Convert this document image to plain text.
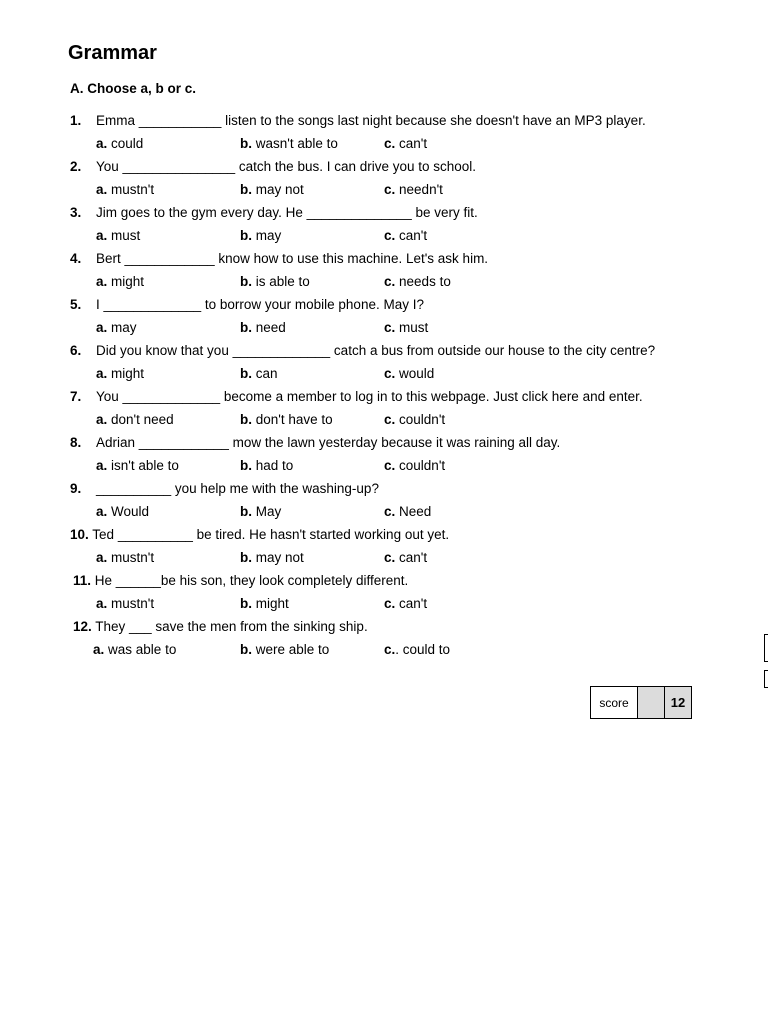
Grammar
A. Choose a, b or c.
1. Emma ___________ listen to the songs last night because she doesn't have an MP3 player.
a. could	b. wasn't able to	c. can't
2. You _______________ catch the bus. I can drive you to school.
a. mustn't	b. may not	c. needn't
3. Jim goes to the gym every day. He ______________ be very fit.
a. must	b. may	c. can't
4. Bert ____________ know how to use this machine. Let's ask him.
a. might	b. is able to	c. needs to
5. I _____________ to borrow your mobile phone. May I?
a. may	b. need	c. must
6. Did you know that you _____________ catch a bus from outside our house to the city centre?
a. might	b. can	c. would
7. You _____________ become a member to log in to this webpage. Just click here and enter.
a. don't need	b. don't have to	c. couldn't
8. Adrian ____________ mow the lawn yesterday because it was raining all day.
a. isn't able to	b. had to	c. couldn't
9. __________ you help me with the washing-up?
a. Would	b. May	c. Need
10. Ted __________ be tired. He hasn't started working out yet.
a. mustn't	b. may not	c. can't
11. He ______be his son, they look completely different.
a. mustn't	b. might	c. can't
12. They ___ save the men from the sinking ship.
a. was able to	b. were able to	c.. could to
score	12
